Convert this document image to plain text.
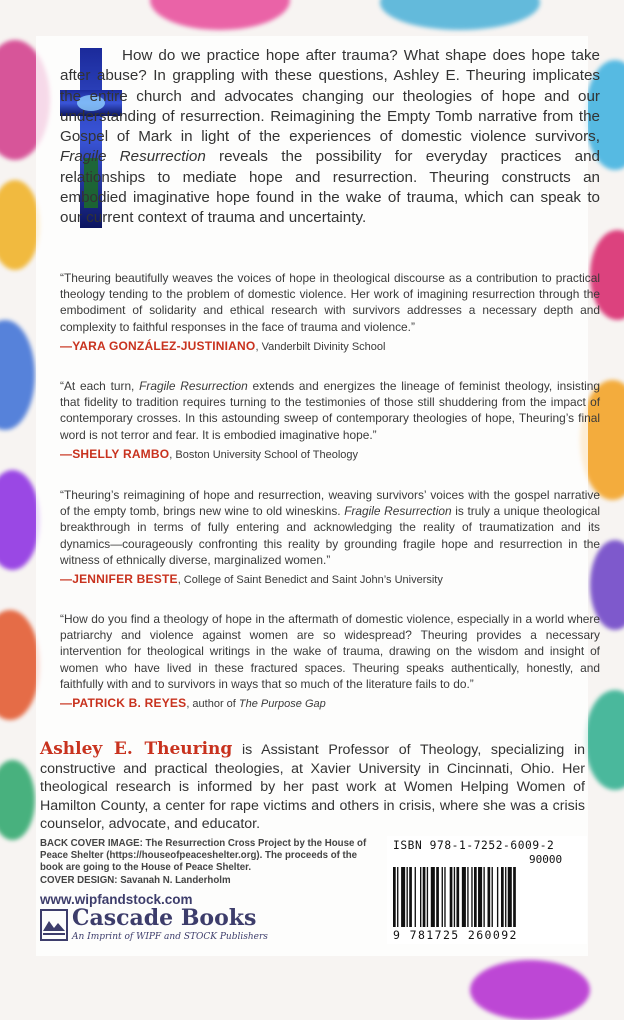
How do we practice hope after trauma? What shape does hope take after abuse? In grappling with these questions, Ashley E. Theuring implicates the entire church and advocates changing our theologies of hope and our understanding of resurrection. Reimagining the Empty Tomb narrative from the Gospel of Mark in light of the experiences of domestic violence survivors, Fragile Resurrection reveals the possibility for everyday practices and relationships to mediate hope and resurrection. Theuring constructs an embodied imaginative hope found in the wake of trauma, which can speak to our current context of trauma and uncertainty.
“Theuring beautifully weaves the voices of hope in theological discourse as a contribution to practical theology tending to the problem of domestic violence. Her work of imagining resurrection through the embodiment of solidarity and ethical research with survivors addresses a necessary depth and complexity to faithful responses in the face of trauma and violence.”
—YARA GONZÁLEZ-JUSTINIANO, Vanderbilt Divinity School
“At each turn, Fragile Resurrection extends and energizes the lineage of feminist theology, insisting that fidelity to tradition requires turning to the testimonies of those still shuddering from the impact of contemporary crosses. In this astounding sweep of contemporary theologies of hope, Theuring’s final word is not terror and fear. It is embodied imaginative hope.”
—SHELLY RAMBO, Boston University School of Theology
“Theuring’s reimagining of hope and resurrection, weaving survivors’ voices with the gospel narrative of the empty tomb, brings new wine to old wineskins. Fragile Resurrection is truly a unique theological breakthrough in terms of fully entering and acknowledging the reality of traumatization and its dynamics—courageously confronting this reality by grounding fragile hope and resurrection in the witness of ethnically diverse, marginalized women.”
—JENNIFER BESTE, College of Saint Benedict and Saint John’s University
“How do you find a theology of hope in the aftermath of domestic violence, especially in a world where patriarchy and violence against women are so widespread? Theuring provides a necessary intervention for theological writings in the wake of trauma, drawing on the wisdom and insight of women who have lived in these fractured spaces. Theuring speaks authentically, honestly, and faithfully with and to survivors in ways that so much of the literature fails to do.”
—PATRICK B. REYES, author of The Purpose Gap
Ashley E. Theuring is Assistant Professor of Theology, specializing in constructive and practical theologies, at Xavier University in Cincinnati, Ohio. Her theological research is informed by her past work at Women Helping Women of Hamilton County, a center for rape victims and others in crisis, where she was a crisis counselor, advocate, and educator.
BACK COVER IMAGE: The Resurrection Cross Project by the House of Peace Shelter (https://houseofpeaceshelter.org). The proceeds of the book are going to the House of Peace Shelter.
COVER DESIGN: Savanah N. Landerholm
www.wipfandstock.com
Cascade Books
An Imprint of WIPF and STOCK Publishers
ISBN 978-1-7252-6009-2
90000
9 781725 260092
